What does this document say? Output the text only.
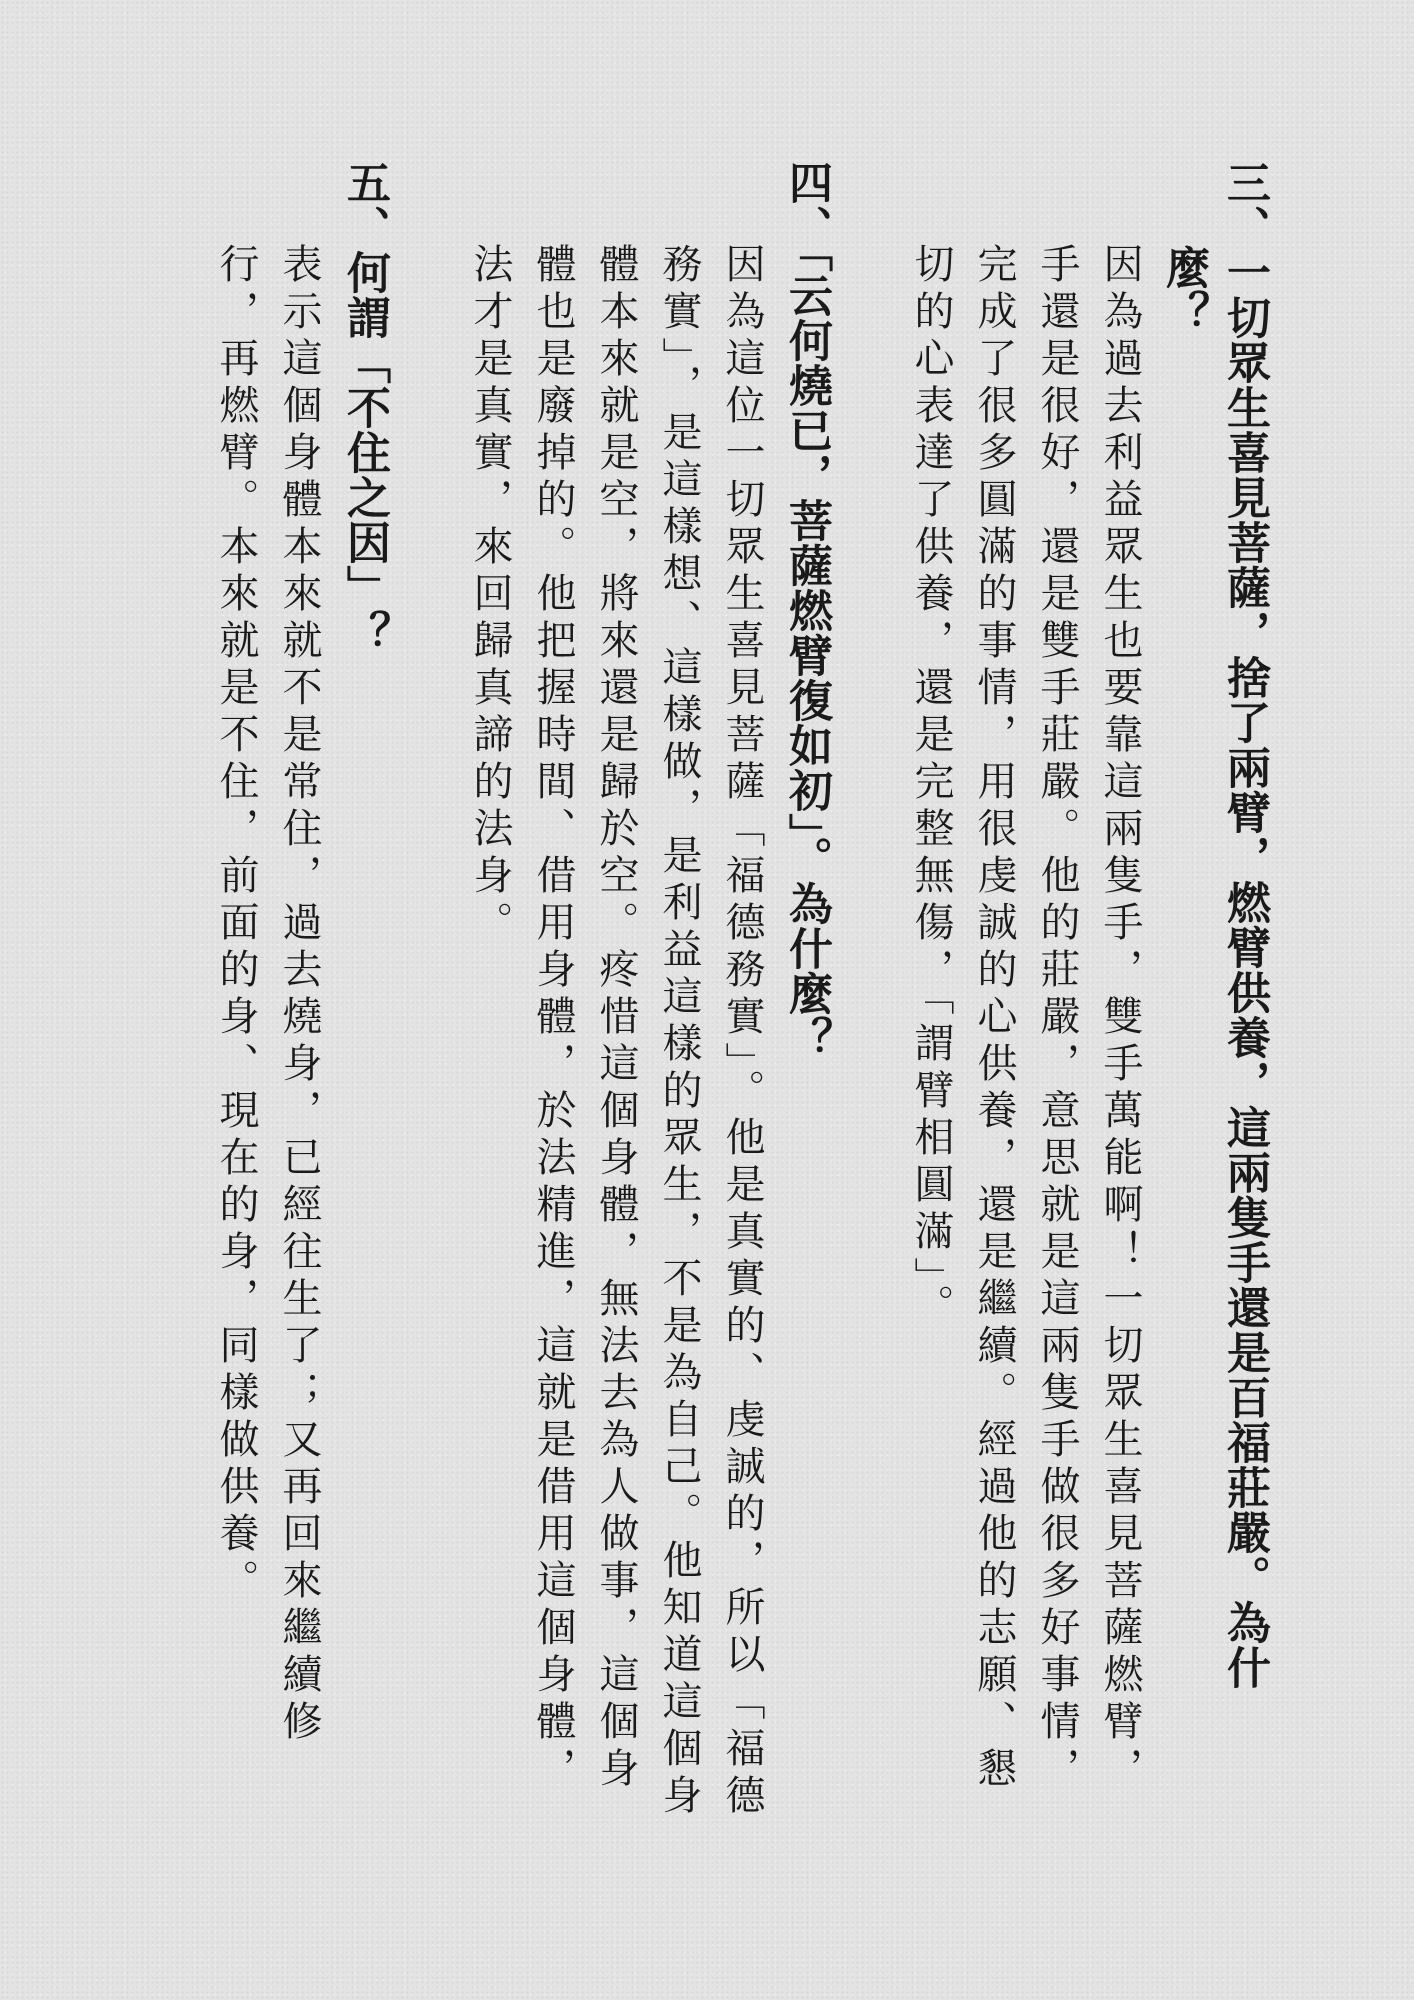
三、一切眾生喜見菩薩，捨了兩臂，燃臂供養，這兩隻手還是百福莊嚴。為什

麼？

因為過去利益眾生也要靠這兩隻手，雙手萬能啊！一切眾生喜見菩薩燃臂，

手還是很好，還是雙手莊嚴。他的莊嚴，意思就是這兩隻手做很多好事情，

完成了很多圓滿的事情，用很虔誠的心供養，還是繼續。經過他的志願、懇

切的心表達了供養，還是完整無傷，「謂臂相圓滿」。

四、「云何燒已，菩薩燃臂復如初」。為什麼？

因為這位一切眾生喜見菩薩「福德務實」。他是真實的、虔誠的，所以「福德

務實」，是這樣想、這樣做，是利益這樣的眾生，不是為自己。他知道這個身

體本來就是空，將來還是歸於空。疼惜這個身體，無法去為人做事，這個身

體也是廢掉的。他把握時間、借用身體，於法精進，這就是借用這個身體，

法才是真實，來回歸真諦的法身。

五、何謂「不住之因」？

表示這個身體本來就不是常住，過去燒身，已經往生了；又再回來繼續修

行，再燃臂。本來就是不住，前面的身、現在的身，同樣做供養。
